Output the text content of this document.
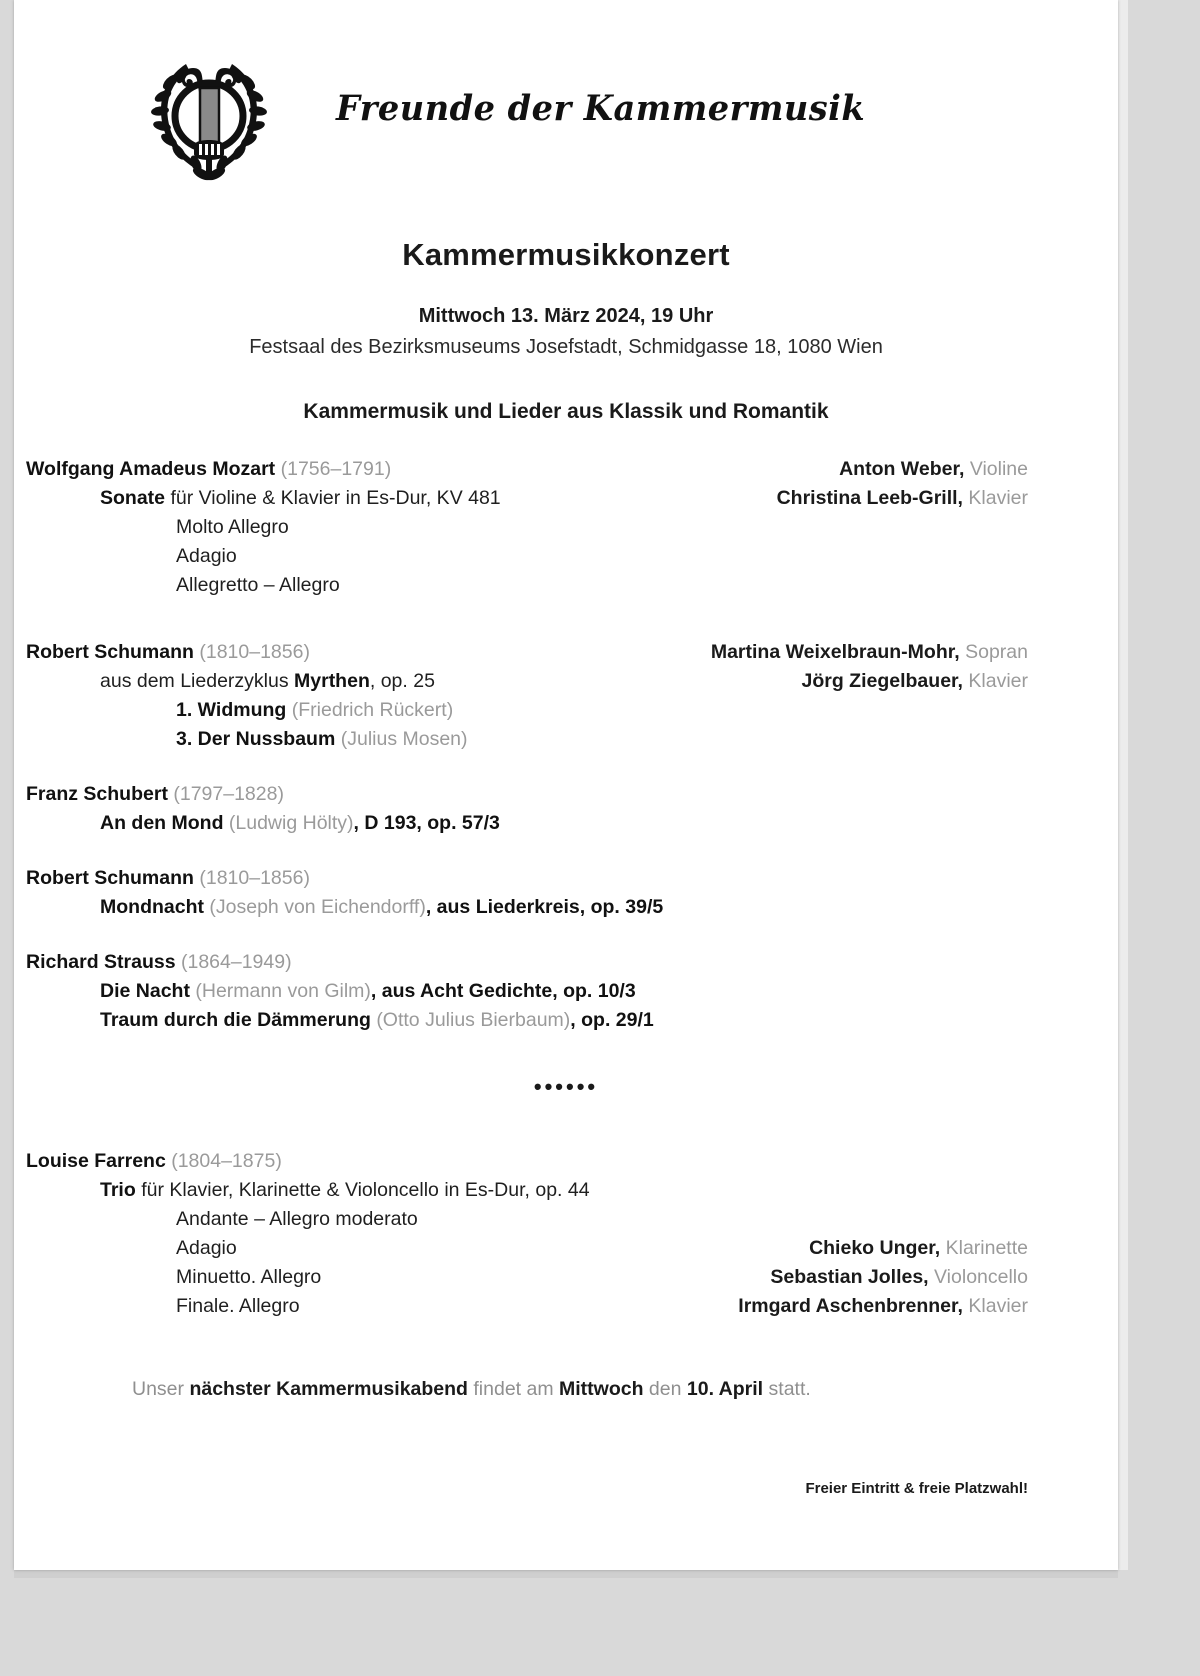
Freunde der Kammermusik
Kammermusikkonzert
Mittwoch 13. März 2024, 19 Uhr
Festsaal des Bezirksmuseums Josefstadt, Schmidgasse 18, 1080 Wien
Kammermusik und Lieder aus Klassik und Romantik
Wolfgang Amadeus Mozart (1756–1791)	Anton Weber, Violine
Sonate für Violine & Klavier in Es-Dur, KV 481	Christina Leeb-Grill, Klavier
Molto Allegro
Adagio
Allegretto – Allegro
Robert Schumann (1810–1856)	Martina Weixelbraun-Mohr, Sopran
aus dem Liederzyklus Myrthen, op. 25	Jörg Ziegelbauer, Klavier
1. Widmung (Friedrich Rückert)
3. Der Nussbaum (Julius Mosen)
Franz Schubert (1797–1828)
An den Mond (Ludwig Hölty), D 193, op. 57/3
Robert Schumann (1810–1856)
Mondnacht (Joseph von Eichendorff), aus Liederkreis, op. 39/5
Richard Strauss (1864–1949)
Die Nacht (Hermann von Gilm), aus Acht Gedichte, op. 10/3
Traum durch die Dämmerung (Otto Julius Bierbaum), op. 29/1
••••••
Louise Farrenc (1804–1875)
Trio für Klavier, Klarinette & Violoncello in Es-Dur, op. 44
Andante – Allegro moderato
Adagio	Chieko Unger, Klarinette
Minuetto. Allegro	Sebastian Jolles, Violoncello
Finale. Allegro	Irmgard Aschenbrenner, Klavier
Unser nächster Kammermusikabend findet am Mittwoch den 10. April statt.
Freier Eintritt & freie Platzwahl!
